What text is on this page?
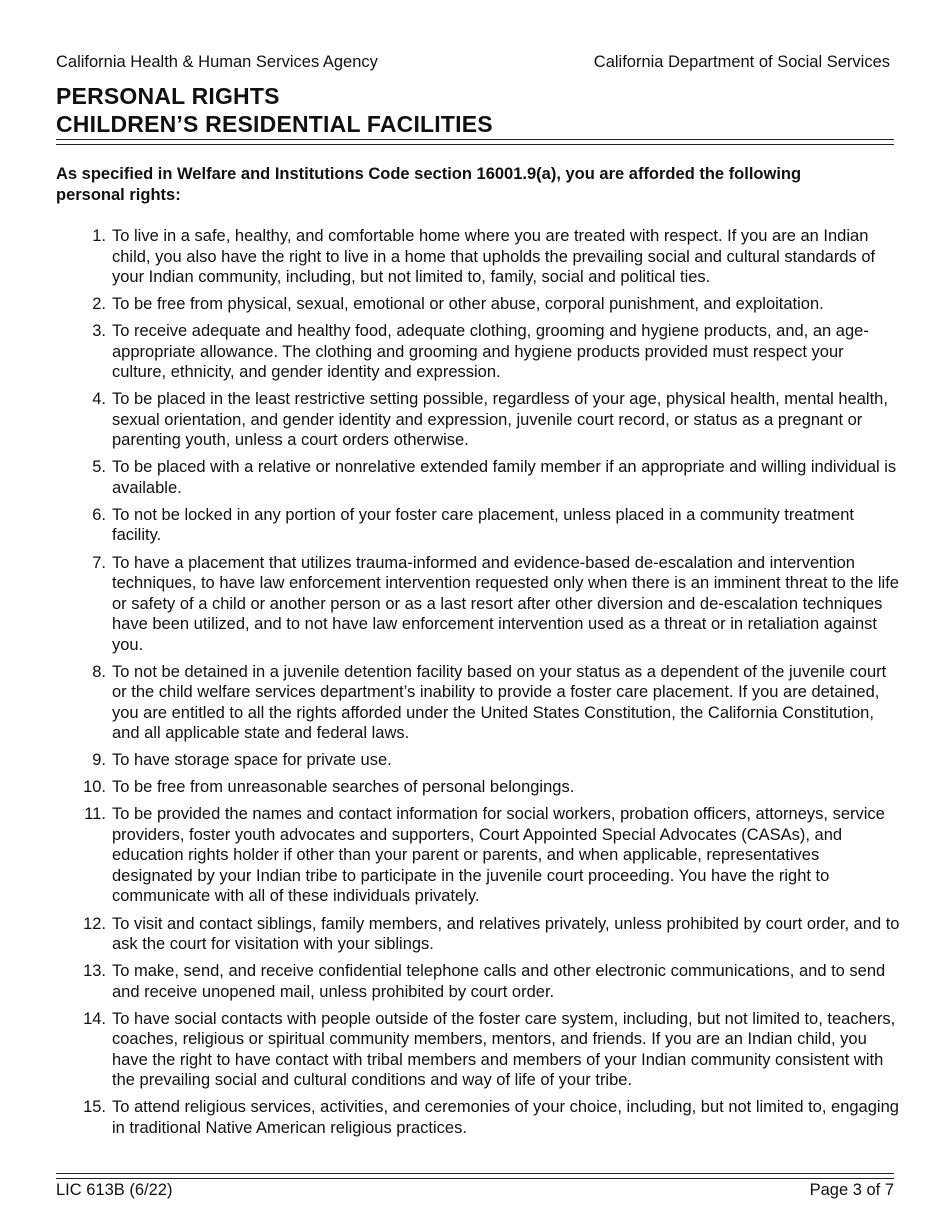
California Health & Human Services Agency	California Department of Social Services
PERSONAL RIGHTS
CHILDREN’S RESIDENTIAL FACILITIES
As specified in Welfare and Institutions Code section 16001.9(a), you are afforded the following personal rights:
1. To live in a safe, healthy, and comfortable home where you are treated with respect. If you are an Indian child, you also have the right to live in a home that upholds the prevailing social and cultural standards of your Indian community, including, but not limited to, family, social and political ties.
2. To be free from physical, sexual, emotional or other abuse, corporal punishment, and exploitation.
3. To receive adequate and healthy food, adequate clothing, grooming and hygiene products, and, an age-appropriate allowance. The clothing and grooming and hygiene products provided must respect your culture, ethnicity, and gender identity and expression.
4. To be placed in the least restrictive setting possible, regardless of your age, physical health, mental health, sexual orientation, and gender identity and expression, juvenile court record, or status as a pregnant or parenting youth, unless a court orders otherwise.
5. To be placed with a relative or nonrelative extended family member if an appropriate and willing individual is available.
6. To not be locked in any portion of your foster care placement, unless placed in a community treatment facility.
7. To have a placement that utilizes trauma-informed and evidence-based de-escalation and intervention techniques, to have law enforcement intervention requested only when there is an imminent threat to the life or safety of a child or another person or as a last resort after other diversion and de-escalation techniques have been utilized, and to not have law enforcement intervention used as a threat or in retaliation against you.
8. To not be detained in a juvenile detention facility based on your status as a dependent of the juvenile court or the child welfare services department’s inability to provide a foster care placement. If you are detained, you are entitled to all the rights afforded under the United States Constitution, the California Constitution, and all applicable state and federal laws.
9. To have storage space for private use.
10. To be free from unreasonable searches of personal belongings.
11. To be provided the names and contact information for social workers, probation officers, attorneys, service providers, foster youth advocates and supporters, Court Appointed Special Advocates (CASAs), and education rights holder if other than your parent or parents, and when applicable, representatives designated by your Indian tribe to participate in the juvenile court proceeding. You have the right to communicate with all of these individuals privately.
12. To visit and contact siblings, family members, and relatives privately, unless prohibited by court order, and to ask the court for visitation with your siblings.
13. To make, send, and receive confidential telephone calls and other electronic communications, and to send and receive unopened mail, unless prohibited by court order.
14. To have social contacts with people outside of the foster care system, including, but not limited to, teachers, coaches, religious or spiritual community members, mentors, and friends. If you are an Indian child, you have the right to have contact with tribal members and members of your Indian community consistent with the prevailing social and cultural conditions and way of life of your tribe.
15. To attend religious services, activities, and ceremonies of your choice, including, but not limited to, engaging in traditional Native American religious practices.
LIC 613B (6/22)	Page 3 of 7
